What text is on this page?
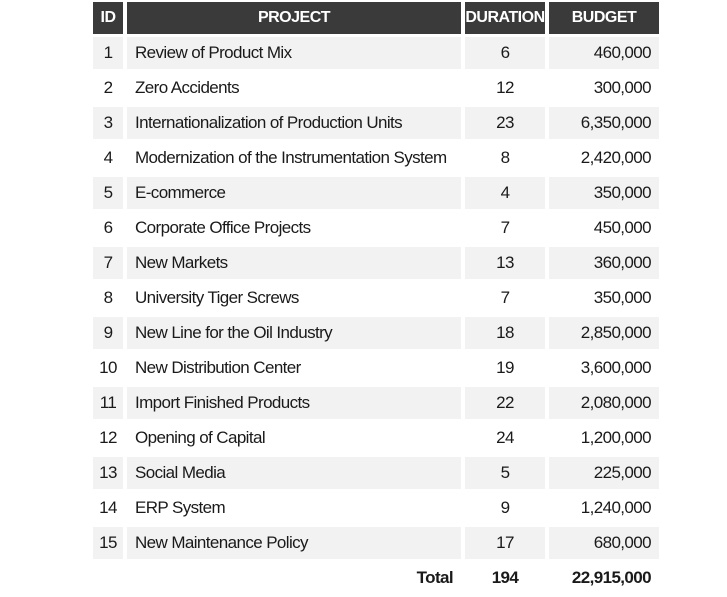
ID	PROJECT	DURATION	BUDGET
1	Review of Product Mix	6	460,000
2	Zero Accidents	12	300,000
3	Internationalization of Production Units	23	6,350,000
4	Modernization of the Instrumentation System	8	2,420,000
5	E-commerce	4	350,000
6	Corporate Office Projects	7	450,000
7	New Markets	13	360,000
8	University Tiger Screws	7	350,000
9	New Line for the Oil Industry	18	2,850,000
10	New Distribution Center	19	3,600,000
11	Import Finished Products	22	2,080,000
12	Opening of Capital	24	1,200,000
13	Social Media	5	225,000
14	ERP System	9	1,240,000
15	New Maintenance Policy	17	680,000
	Total	194	22,915,000
